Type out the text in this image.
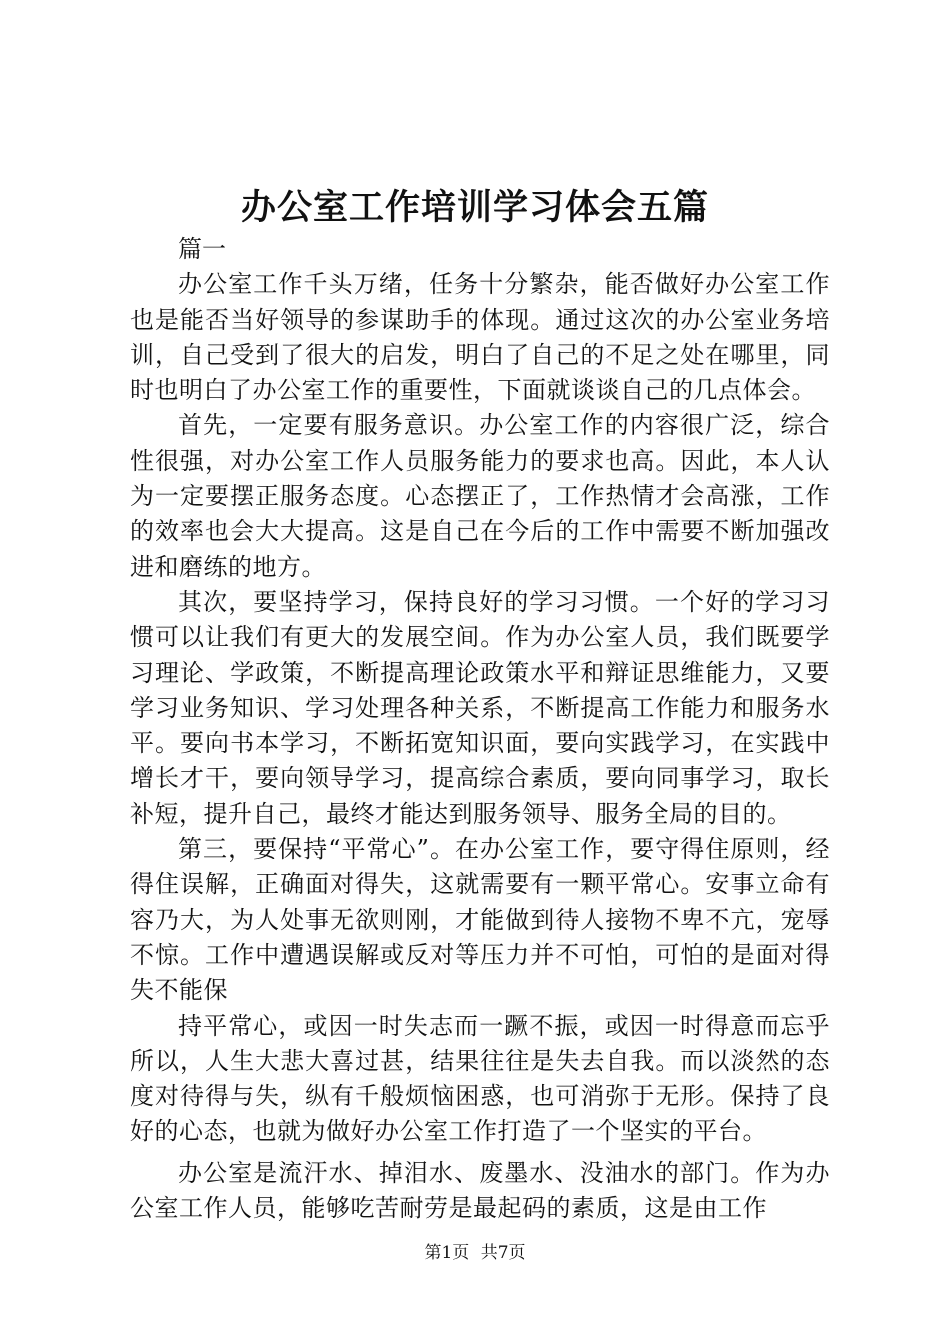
办公室工作培训学习体会五篇

篇一

办公室工作千头万绪，任务十分繁杂，能否做好办公室工作也是能否当好领导的参谋助手的体现。通过这次的办公室业务培训，自己受到了很大的启发，明白了自己的不足之处在哪里，同时也明白了办公室工作的重要性，下面就谈谈自己的几点体会。

首先，一定要有服务意识。办公室工作的内容很广泛，综合性很强，对办公室工作人员服务能力的要求也高。因此，本人认为一定要摆正服务态度。心态摆正了，工作热情才会高涨，工作的效率也会大大提高。这是自己在今后的工作中需要不断加强改进和磨练的地方。

其次，要坚持学习，保持良好的学习习惯。一个好的学习习惯可以让我们有更大的发展空间。作为办公室人员，我们既要学习理论、学政策，不断提高理论政策水平和辩证思维能力，又要学习业务知识、学习处理各种关系，不断提高工作能力和服务水平。要向书本学习，不断拓宽知识面，要向实践学习，在实践中增长才干，要向领导学习，提高综合素质，要向同事学习，取长补短，提升自己，最终才能达到服务领导、服务全局的目的。

第三，要保持“平常心”。在办公室工作，要守得住原则，经得住误解，正确面对得失，这就需要有一颗平常心。安事立命有容乃大，为人处事无欲则刚，才能做到待人接物不卑不亢，宠辱不惊。工作中遭遇误解或反对等压力并不可怕，可怕的是面对得失不能保

持平常心，或因一时失志而一蹶不振，或因一时得意而忘乎所以，人生大悲大喜过甚，结果往往是失去自我。而以淡然的态度对待得与失，纵有千般烦恼困惑，也可消弥于无形。保持了良好的心态，也就为做好办公室工作打造了一个坚实的平台。

办公室是流汗水、掉泪水、废墨水、没油水的部门。作为办公室工作人员，能够吃苦耐劳是最起码的素质，这是由工作

第1页 共7页
